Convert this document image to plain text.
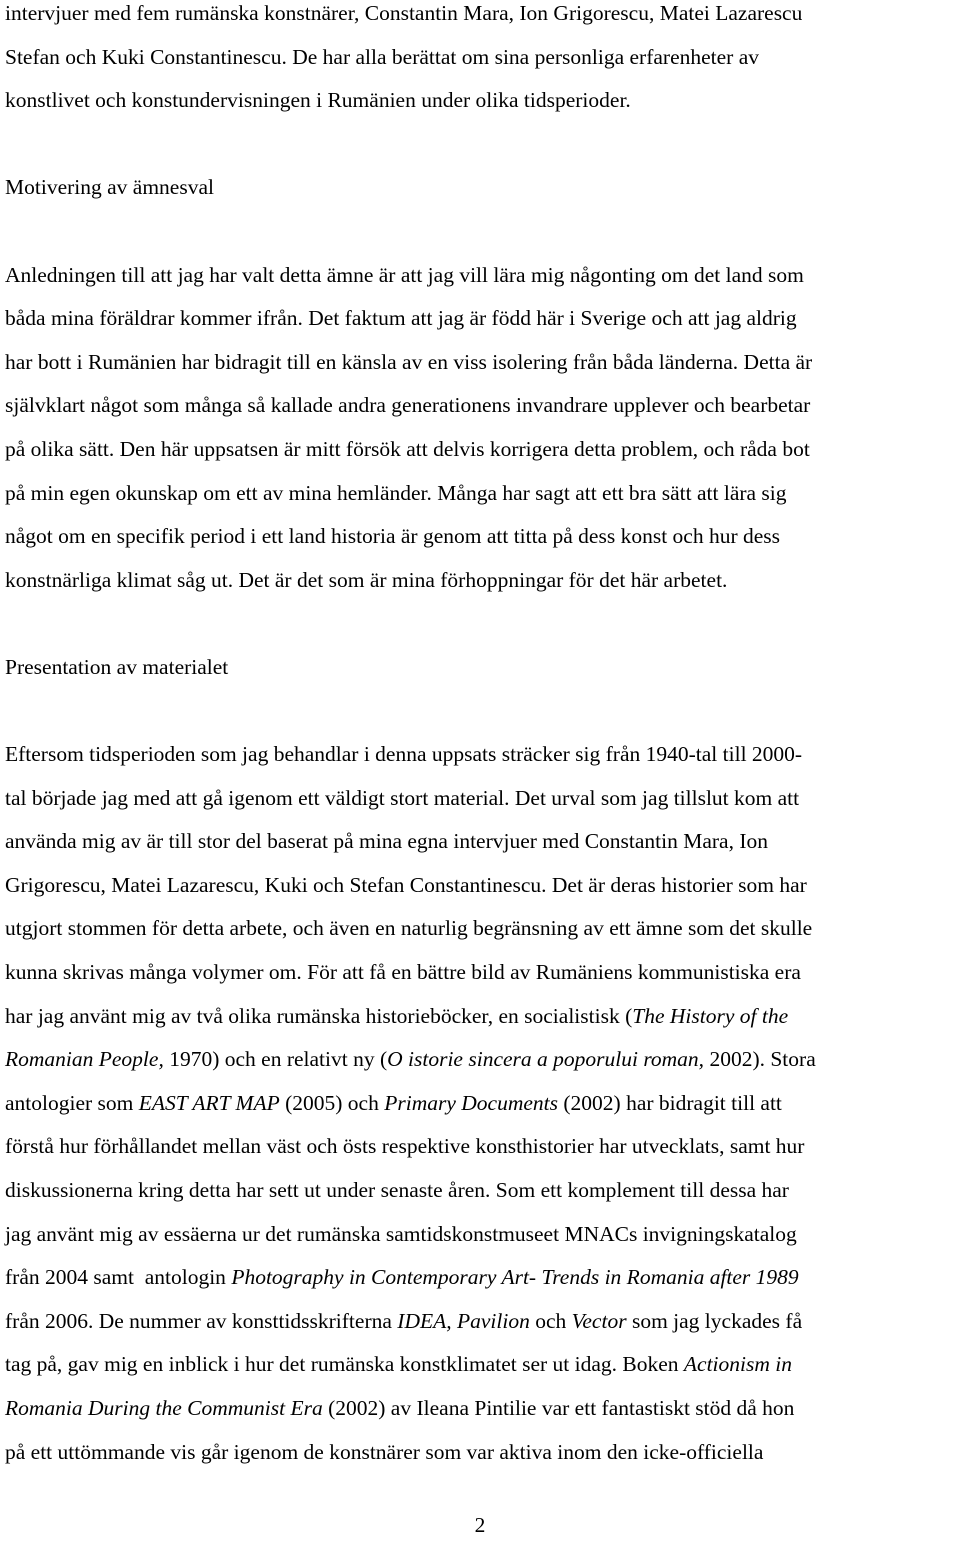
intervjuer med fem rumänska konstnärer, Constantin Mara, Ion Grigorescu, Matei Lazarescu
Stefan och Kuki Constantinescu. De har alla berättat om sina personliga erfarenheter av
konstlivet och konstundervisningen i Rumänien under olika tidsperioder.
Motivering av ämnesval
Anledningen till att jag har valt detta ämne är att jag vill lära mig någonting om det land som
båda mina föräldrar kommer ifrån. Det faktum att jag är född här i Sverige och att jag aldrig
har bott i Rumänien har bidragit till en känsla av en viss isolering från båda länderna. Detta är
självklart något som många så kallade andra generationens invandrare upplever och bearbetar
på olika sätt. Den här uppsatsen är mitt försök att delvis korrigera detta problem, och råda bot
på min egen okunskap om ett av mina hemländer. Många har sagt att ett bra sätt att lära sig
något om en specifik period i ett land historia är genom att titta på dess konst och hur dess
konstnärliga klimat såg ut. Det är det som är mina förhoppningar för det här arbetet.
Presentation av materialet
Eftersom tidsperioden som jag behandlar i denna uppsats sträcker sig från 1940-tal till 2000-
tal började jag med att gå igenom ett väldigt stort material. Det urval som jag tillslut kom att
använda mig av är till stor del baserat på mina egna intervjuer med Constantin Mara, Ion
Grigorescu, Matei Lazarescu, Kuki och Stefan Constantinescu. Det är deras historier som har
utgjort stommen för detta arbete, och även en naturlig begränsning av ett ämne som det skulle
kunna skrivas många volymer om. För att få en bättre bild av Rumäniens kommunistiska era
har jag använt mig av två olika rumänska historieböcker, en socialistisk (The History of the
Romanian People, 1970) och en relativt ny (O istorie sincera a poporului roman, 2002). Stora
antologier som EAST ART MAP (2005) och Primary Documents (2002) har bidragit till att
förstå hur förhållandet mellan väst och östs respektive konsthistorier har utvecklats, samt hur
diskussionerna kring detta har sett ut under senaste åren. Som ett komplement till dessa har
jag använt mig av essäerna ur det rumänska samtidskonstmuseet MNACs invigningskatalog
från 2004 samt  antologin Photography in Contemporary Art- Trends in Romania after 1989
från 2006. De nummer av konsttidsskrifterna IDEA, Pavilion och Vector som jag lyckades få
tag på, gav mig en inblick i hur det rumänska konstklimatet ser ut idag. Boken Actionism in
Romania During the Communist Era (2002) av Ileana Pintilie var ett fantastiskt stöd då hon
på ett uttömmande vis går igenom de konstnärer som var aktiva inom den icke-officiella
2
